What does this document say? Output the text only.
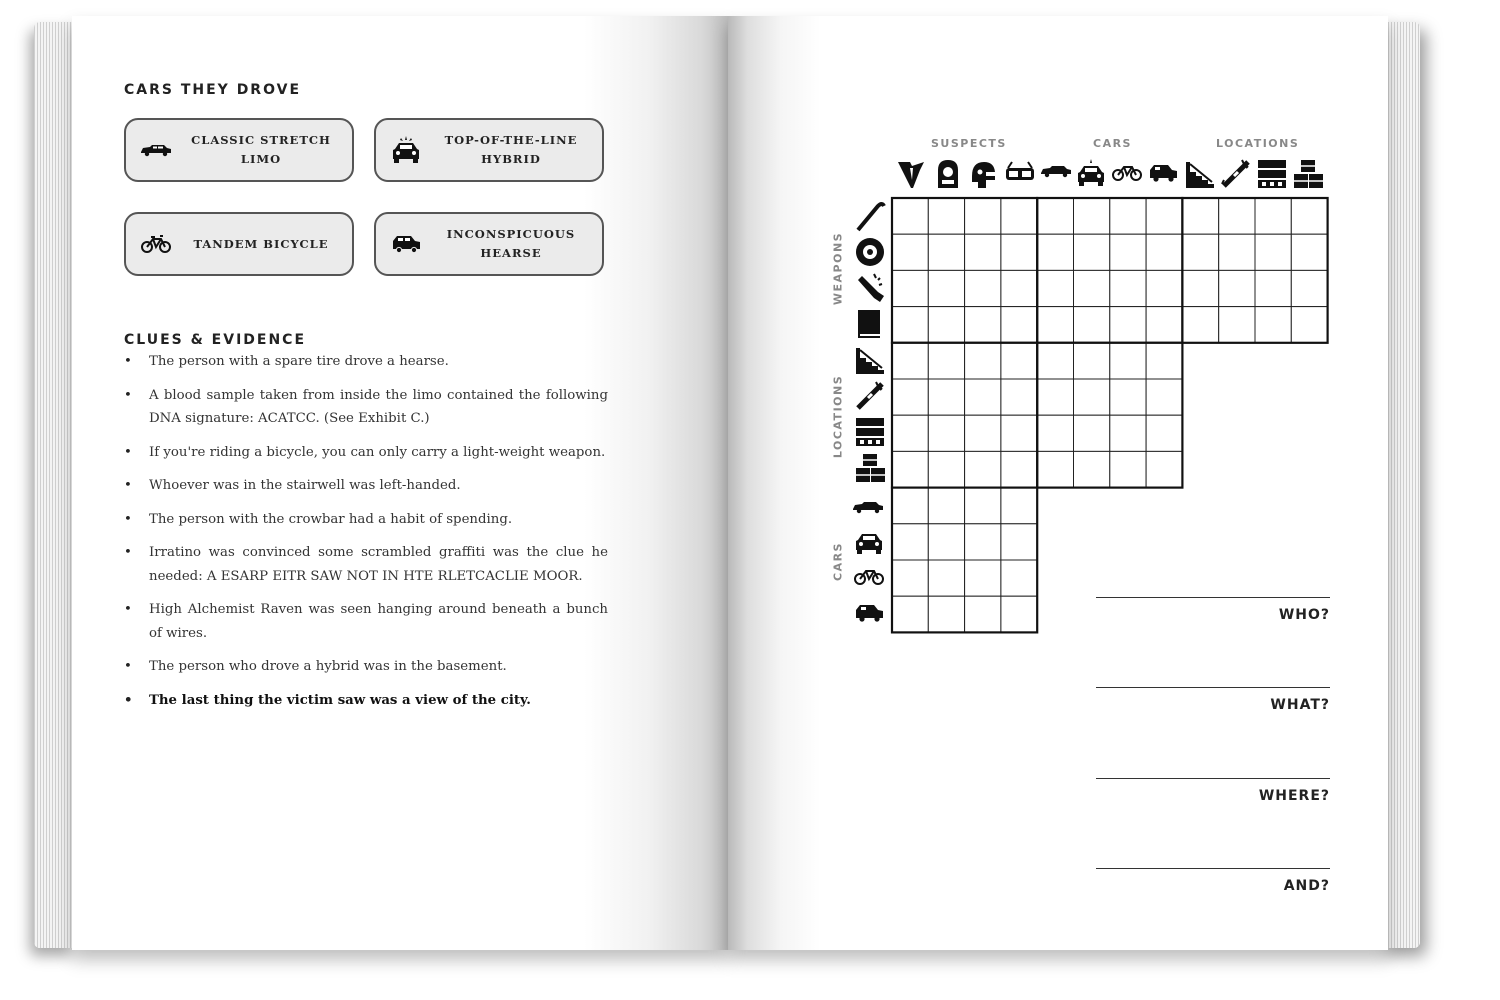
CARS THEY DROVE
CLASSIC STRETCH LIMO
TOP-OF-THE-LINE
HYBRID
TANDEM BICYCLE
INCONSPICUOUS
HEARSE
CLUES & EVIDENCE
• The person with a spare tire drove a hearse.
• A blood sample taken from inside the limo contained the following DNA signature: ACATCC. (See Exhibit C.)
• If you're riding a bicycle, you can only carry a light-weight weapon.
• Whoever was in the stairwell was left-handed.
• The person with the crowbar had a habit of spending.
• Irratino was convinced some scrambled graffiti was the clue he needed: A ESARP EITR SAW NOT IN HTE RLETCACLIE MOOR.
• High Alchemist Raven was seen hanging around beneath a bunch of wires.
• The person who drove a hybrid was in the basement.
• The last thing the victim saw was a view of the city.
SUSPECTS	CARS	LOCATIONS
WEAPONS
LOCATIONS
CARS
WHO?
WHAT?
WHERE?
AND?
